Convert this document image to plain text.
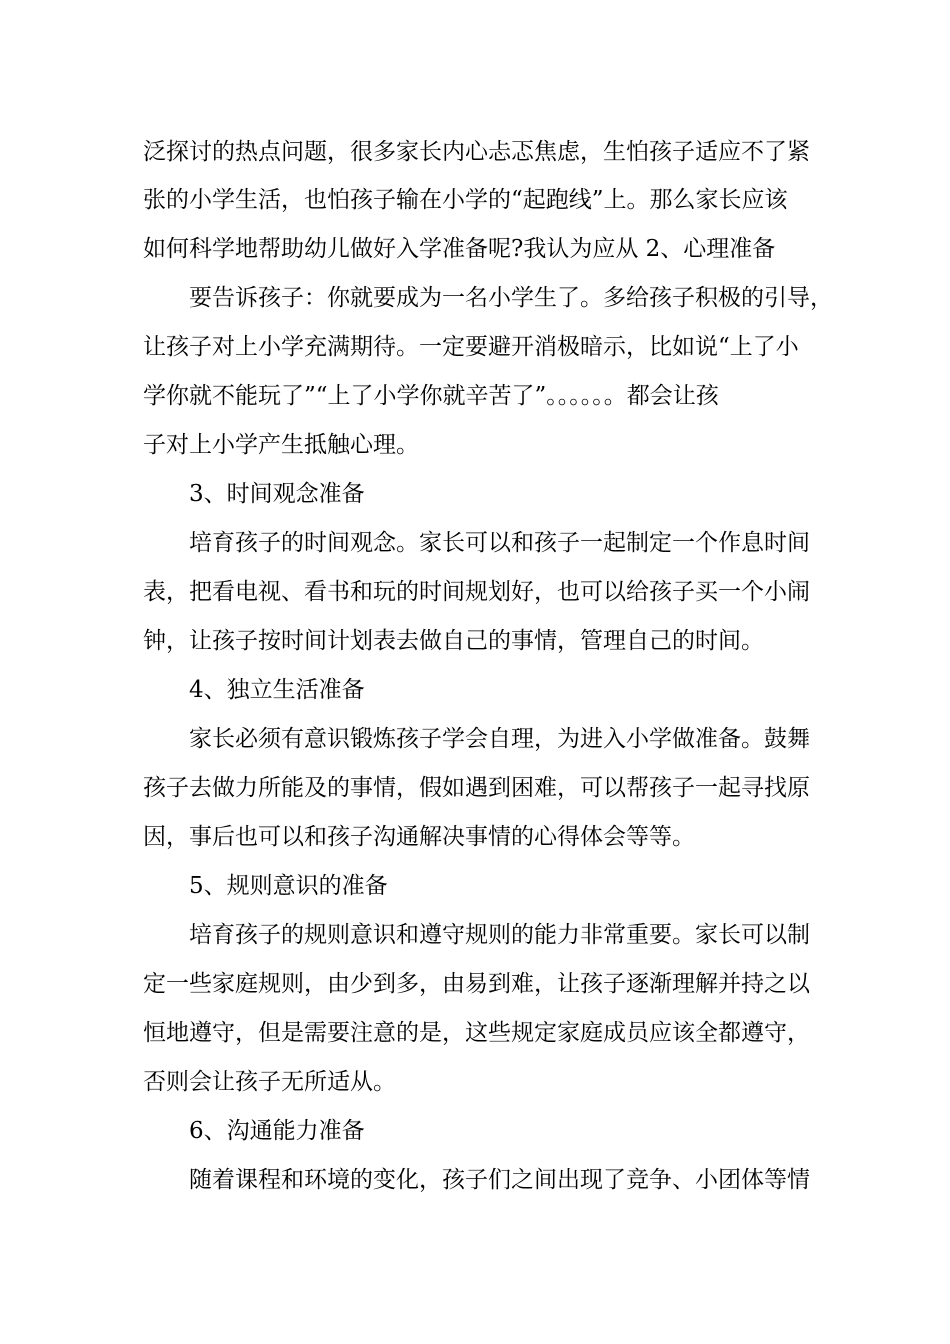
泛探讨的热点问题，很多家长内心忐忑焦虑，生怕孩子适应不了紧
张的小学生活，也怕孩子输在小学的“起跑线”上。那么家长应该
如何科学地帮助幼儿做好入学准备呢?我认为应从 2、心理准备
要告诉孩子：你就要成为一名小学生了。多给孩子积极的引导，
让孩子对上小学充满期待。一定要避开消极暗示，比如说“上了小
学你就不能玩了”“上了小学你就辛苦了”。。。。。。都会让孩
子对上小学产生抵触心理。
3、时间观念准备
培育孩子的时间观念。家长可以和孩子一起制定一个作息时间
表，把看电视、看书和玩的时间规划好，也可以给孩子买一个小闹
钟，让孩子按时间计划表去做自己的事情，管理自己的时间。
4、独立生活准备
家长必须有意识锻炼孩子学会自理，为进入小学做准备。鼓舞
孩子去做力所能及的事情，假如遇到困难，可以帮孩子一起寻找原
因，事后也可以和孩子沟通解决事情的心得体会等等。
5、规则意识的准备
培育孩子的规则意识和遵守规则的能力非常重要。家长可以制
定一些家庭规则，由少到多，由易到难，让孩子逐渐理解并持之以
恒地遵守，但是需要注意的是，这些规定家庭成员应该全都遵守，
否则会让孩子无所适从。
6、沟通能力准备
随着课程和环境的变化，孩子们之间出现了竞争、小团体等情
